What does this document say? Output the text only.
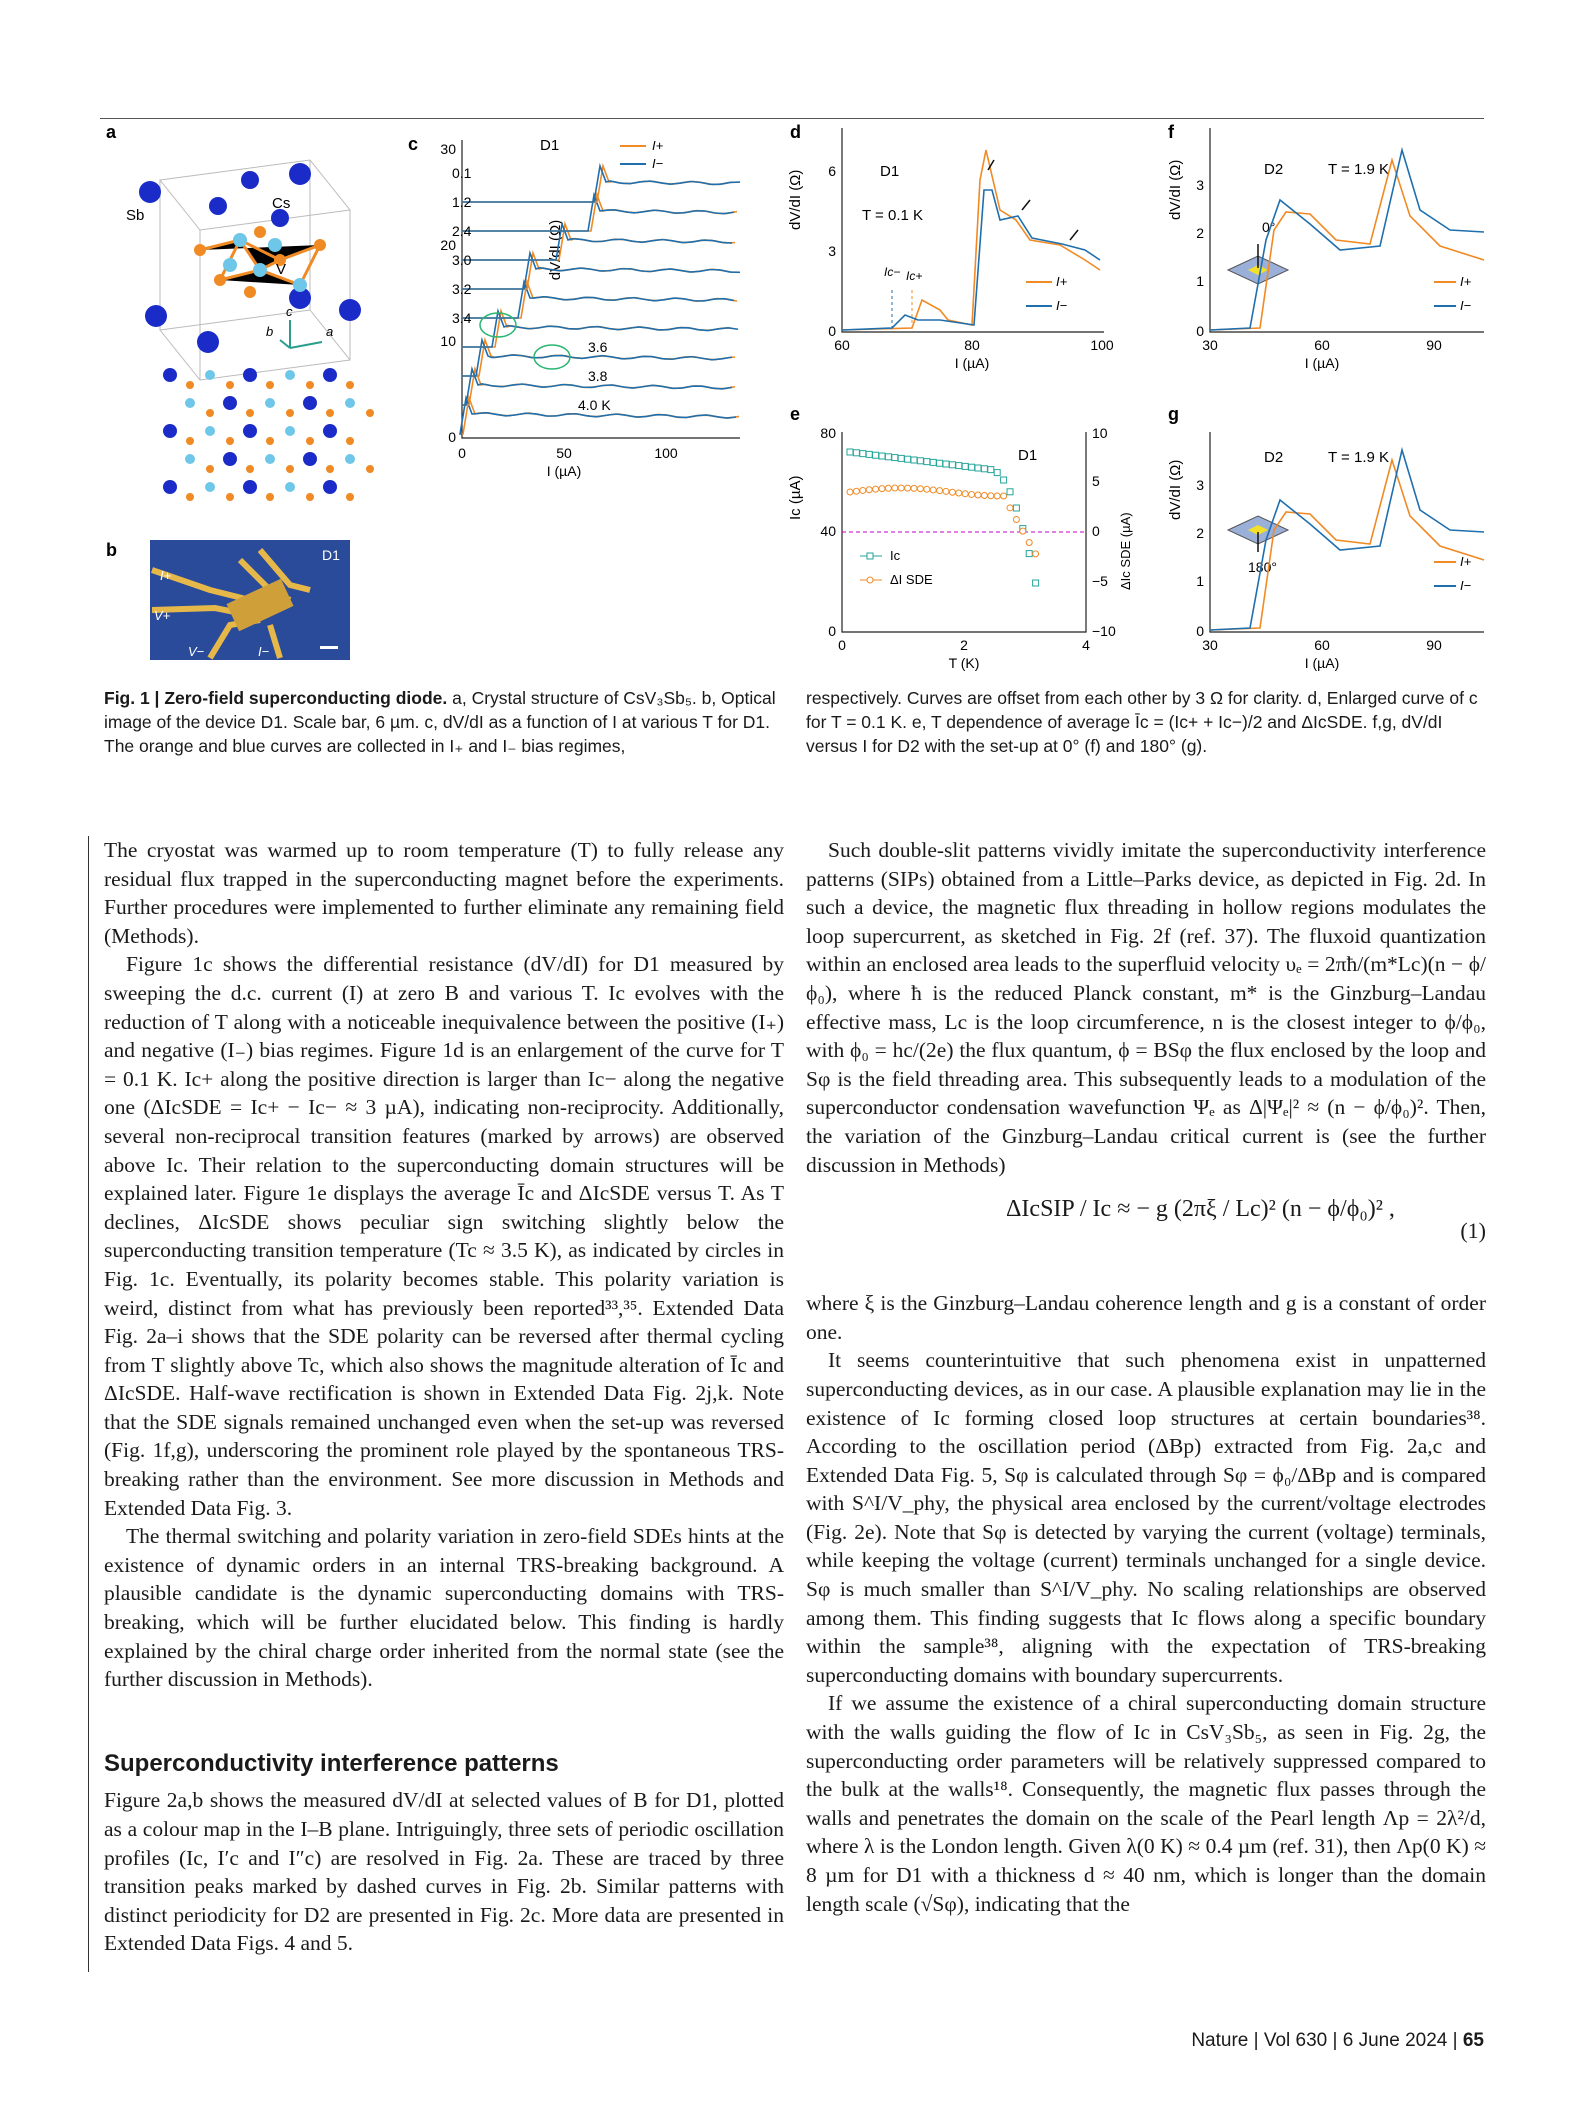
a
Sb
Cs
V
c
b	a
b	D1
I+
V+
V−	I−
c
dV/dI (Ω)
0
10
20
30
0	50	100
I (µA)
D1	I+
I−
4.0 K
3.8
3.6
3.4
3.2
3.0
2.4
1.2
0.1
d
dV/dI (Ω)
0
3
6
60	80	100
I (µA)
D1
T = 0.1 K
Ic− Ic+	I+
I−
e
Ic (µA)
0
40
80
−10
−5
0
5
10
ΔIc SDE (µA)
0	2	4
T (K)
D1
Ic
ΔI SDE
f
dV/dI (Ω)
0
1
2
3
30	60	90
I (µA)
D2	T = 1.9 K
0°
I+
I−
g
dV/dI (Ω)
0
1
2
3
30	60	90
I (µA)
D2	T = 1.9 K
180°	I+
I−
Fig. 1 | Zero-field superconducting diode. a, Crystal structure of CsV₃Sb₅. b, Optical image of the device D1. Scale bar, 6 µm. c, dV/dI as a function of I at various T for D1. The orange and blue curves are collected in I₊ and I₋ bias regimes,
respectively. Curves are offset from each other by 3 Ω for clarity. d, Enlarged curve of c for T = 0.1 K. e, T dependence of average Īc = (Ic+ + Ic−)/2 and ΔIcSDE. f,g, dV/dI versus I for D2 with the set-up at 0° (f) and 180° (g).

The cryostat was warmed up to room temperature (T) to fully release any residual flux trapped in the superconducting magnet before the experiments. Further procedures were implemented to further eliminate any remaining field (Methods).

Figure 1c shows the differential resistance (dV/dI) for D1 measured by sweeping the d.c. current (I) at zero B and various T. Ic evolves with the reduction of T along with a noticeable inequivalence between the positive (I₊) and negative (I₋) bias regimes. Figure 1d is an enlargement of the curve for T = 0.1 K. Ic+ along the positive direction is larger than Ic− along the negative one (ΔIcSDE = Ic+ − Ic− ≈ 3 µA), indicating non-reciprocity. Additionally, several non-reciprocal transition features (marked by arrows) are observed above Ic. Their relation to the superconducting domain structures will be explained later. Figure 1e displays the average Īc and ΔIcSDE versus T. As T declines, ΔIcSDE shows peculiar sign switching slightly below the superconducting transition temperature (Tc ≈ 3.5 K), as indicated by circles in Fig. 1c. Eventually, its polarity becomes stable. This polarity variation is weird, distinct from what has previously been reported³³,³⁵. Extended Data Fig. 2a–i shows that the SDE polarity can be reversed after thermal cycling from T slightly above Tc, which also shows the magnitude alteration of Īc and ΔIcSDE. Half-wave rectification is shown in Extended Data Fig. 2j,k. Note that the SDE signals remained unchanged even when the set-up was reversed (Fig. 1f,g), underscoring the prominent role played by the spontaneous TRS-breaking rather than the environment. See more discussion in Methods and Extended Data Fig. 3.

The thermal switching and polarity variation in zero-field SDEs hints at the existence of dynamic orders in an internal TRS-breaking background. A plausible candidate is the dynamic superconducting domains with TRS-breaking, which will be further elucidated below. This finding is hardly explained by the chiral charge order inherited from the normal state (see the further discussion in Methods).

Superconductivity interference patterns

Figure 2a,b shows the measured dV/dI at selected values of B for D1, plotted as a colour map in the I–B plane. Intriguingly, three sets of periodic oscillation profiles (Ic, I′c and I″c) are resolved in Fig. 2a. These are traced by three transition peaks marked by dashed curves in Fig. 2b. Similar patterns with distinct periodicity for D2 are presented in Fig. 2c. More data are presented in Extended Data Figs. 4 and 5.

Such double-slit patterns vividly imitate the superconductivity interference patterns (SIPs) obtained from a Little–Parks device, as depicted in Fig. 2d. In such a device, the magnetic flux threading in hollow regions modulates the loop supercurrent, as sketched in Fig. 2f (ref. 37). The fluxoid quantization within an enclosed area leads to the superfluid velocity υₑ = 2πħ/(m*Lc)(n − ϕ/ϕ₀), where ħ is the reduced Planck constant, m* is the Ginzburg–Landau effective mass, Lc is the loop circumference, n is the closest integer to ϕ/ϕ₀, with ϕ₀ = hc/(2e) the flux quantum, ϕ = BSφ the flux enclosed by the loop and Sφ is the field threading area. This subsequently leads to a modulation of the superconductor condensation wavefunction Ψₑ as Δ|Ψₑ|² ≈ (n − ϕ/ϕ₀)². Then, the variation of the Ginzburg–Landau critical current is (see the further discussion in Methods)

ΔIcSIP / Ic ≈ − g (2πξ / Lc)² (n − ϕ/ϕ₀)² ,
(1)

where ξ is the Ginzburg–Landau coherence length and g is a constant of order one.

It seems counterintuitive that such phenomena exist in unpatterned superconducting devices, as in our case. A plausible explanation may lie in the existence of Ic forming closed loop structures at certain boundaries³⁸. According to the oscillation period (ΔBp) extracted from Fig. 2a,c and Extended Data Fig. 5, Sφ is calculated through Sφ = ϕ₀/ΔBp and is compared with S^I/V_phy, the physical area enclosed by the current/voltage electrodes (Fig. 2e). Note that Sφ is detected by varying the current (voltage) terminals, while keeping the voltage (current) terminals unchanged for a single device. Sφ is much smaller than S^I/V_phy. No scaling relationships are observed among them. This finding suggests that Ic flows along a specific boundary within the sample³⁸, aligning with the expectation of TRS-breaking superconducting domains with boundary supercurrents.

If we assume the existence of a chiral superconducting domain structure with the walls guiding the flow of Ic in CsV₃Sb₅, as seen in Fig. 2g, the superconducting order parameters will be relatively suppressed compared to the bulk at the walls¹⁸. Consequently, the magnetic flux passes through the walls and penetrates the domain on the scale of the Pearl length Λp = 2λ²/d, where λ is the London length. Given λ(0 K) ≈ 0.4 µm (ref. 31), then Λp(0 K) ≈ 8 µm for D1 with a thickness d ≈ 40 nm, which is longer than the domain length scale (√Sφ), indicating that the

Nature | Vol 630 | 6 June 2024 | 65
